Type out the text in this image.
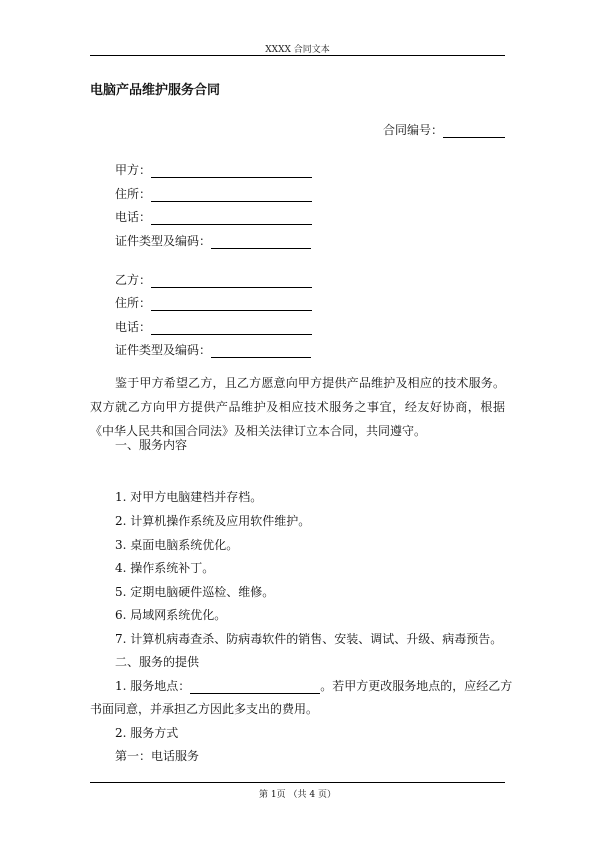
XXXX 合同文本
电脑产品维护服务合同
合同编号：
甲方：
住所：
电话：
证件类型及编码：
乙方：
住所：
电话：
证件类型及编码：
鉴于甲方希望乙方，且乙方愿意向甲方提供产品维护及相应的技术服务。双方就乙方向甲方提供产品维护及相应技术服务之事宜，经友好协商，根据《中华人民共和国合同法》及相关法律订立本合同，共同遵守。
一、服务内容
1. 对甲方电脑建档并存档。
2. 计算机操作系统及应用软件维护。
3. 桌面电脑系统优化。
4. 操作系统补丁。
5. 定期电脑硬件巡检、维修。
6. 局域网系统优化。
7. 计算机病毒查杀、防病毒软件的销售、安装、调试、升级、病毒预告。
二、服务的提供
1. 服务地点：	。若甲方更改服务地点的，应经乙方
书面同意，并承担乙方因此多支出的费用。
2. 服务方式
第一：电话服务
第 1页 （共 4 页）
